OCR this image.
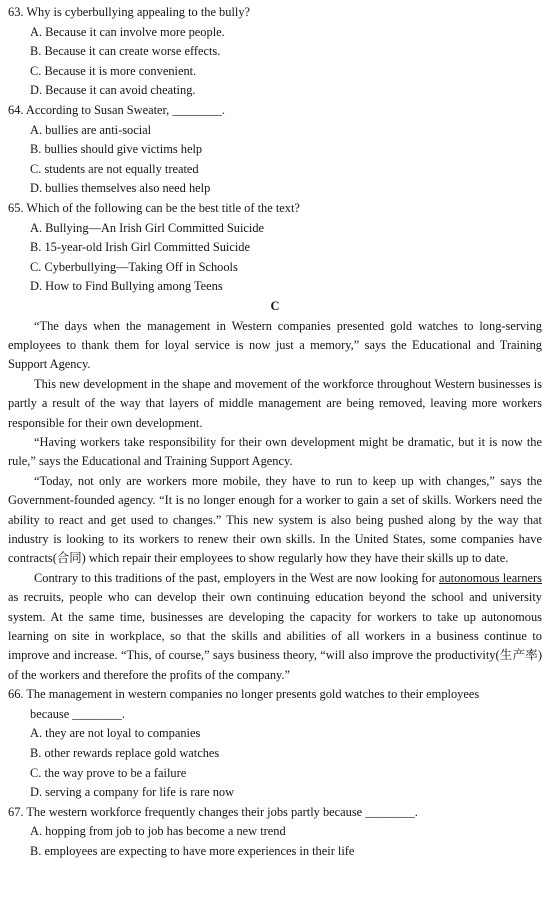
63. Why is cyberbullying appealing to the bully?
A. Because it can involve more people.
B. Because it can create worse effects.
C. Because it is more convenient.
D. Because it can avoid cheating.
64. According to Susan Sweater, ________.
A. bullies are anti-social
B. bullies should give victims help
C. students are not equally treated
D. bullies themselves also need help
65. Which of the following can be the best title of the text?
A. Bullying—An Irish Girl Committed Suicide
B. 15-year-old Irish Girl Committed Suicide
C. Cyberbullying—Taking Off in Schools
D. How to Find Bullying among Teens
C
“The days when the management in Western companies presented gold watches to long-serving employees to thank them for loyal service is now just a memory,” says the Educational and Training Support Agency.
This new development in the shape and movement of the workforce throughout Western businesses is partly a result of the way that layers of middle management are being removed, leaving more workers responsible for their own development.
“Having workers take responsibility for their own development might be dramatic, but it is now the rule,” says the Educational and Training Support Agency.
“Today, not only are workers more mobile, they have to run to keep up with changes,” says the Government-founded agency. “It is no longer enough for a worker to gain a set of skills. Workers need the ability to react and get used to changes.” This new system is also being pushed along by the way that industry is looking to its workers to renew their own skills. In the United States, some companies have contracts(合同) which repair their employees to show regularly how they have their skills up to date.
Contrary to this traditions of the past, employers in the West are now looking for autonomous learners as recruits, people who can develop their own continuing education beyond the school and university system. At the same time, businesses are developing the capacity for workers to take up autonomous learning on site in workplace, so that the skills and abilities of all workers in a business continue to improve and increase. “This, of course,” says business theory, “will also improve the productivity(生产率) of the workers and therefore the profits of the company.”
66. The management in western companies no longer presents gold watches to their employees
because ________.
A. they are not loyal to companies
B. other rewards replace gold watches
C. the way prove to be a failure
D. serving a company for life is rare now
67. The western workforce frequently changes their jobs partly because ________.
A. hopping from job to job has become a new trend
B. employees are expecting to have more experiences in their life
